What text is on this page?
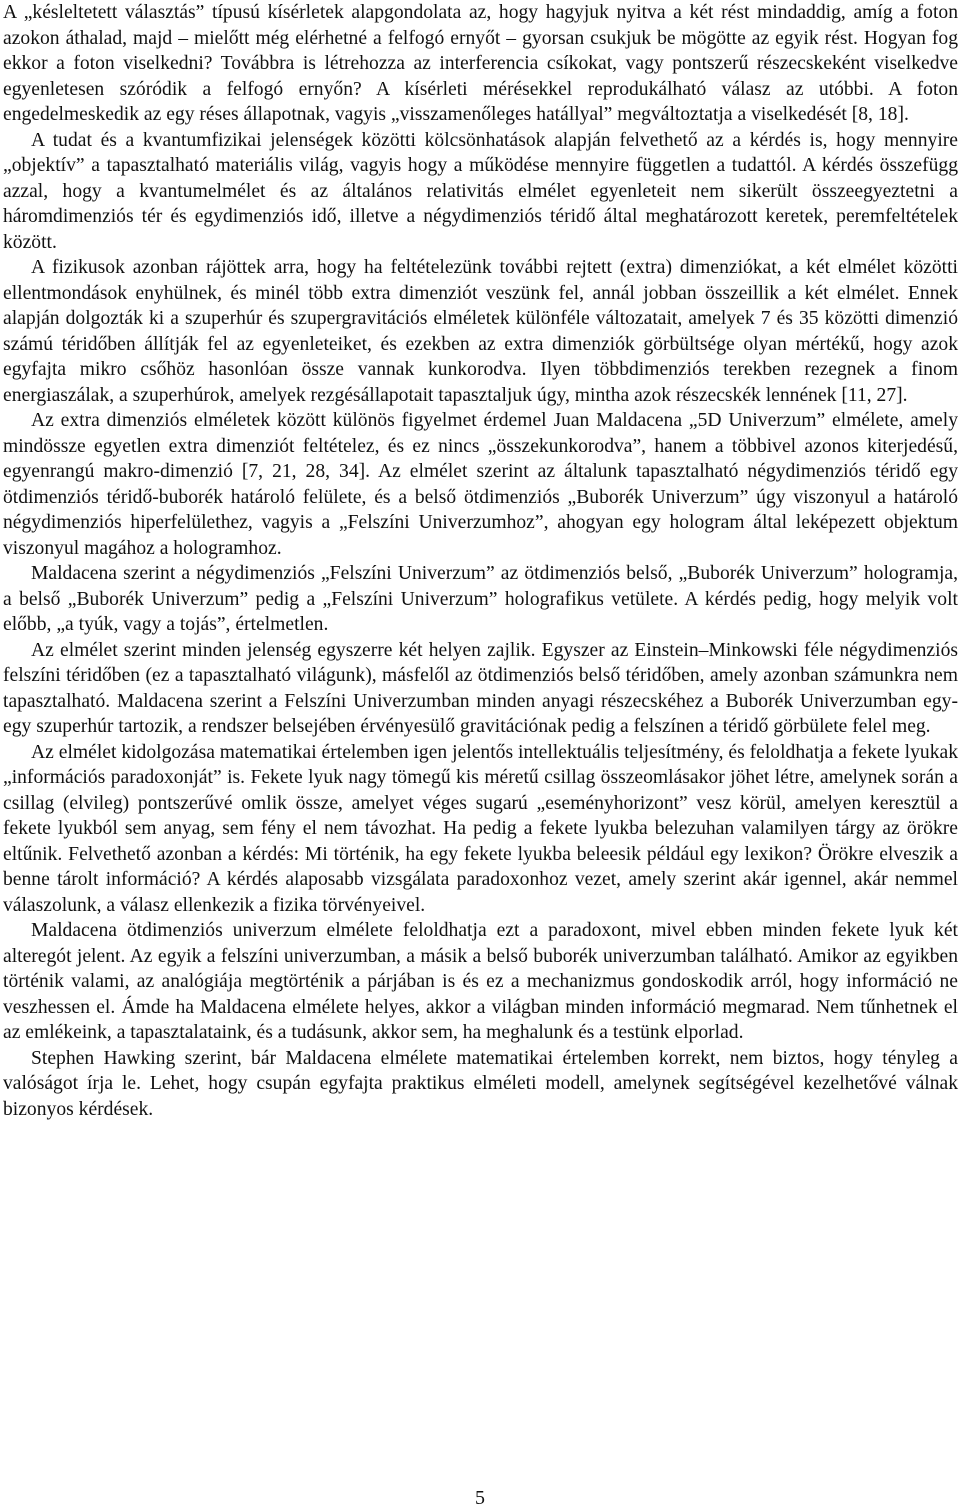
A „késleltetett választás” típusú kísérletek alapgondolata az, hogy hagyjuk nyitva a két rést mindaddig, amíg a foton azokon áthalad, majd – mielőtt még elérhetné a felfogó ernyőt – gyorsan csukjuk be mögötte az egyik rést. Hogyan fog ekkor a foton viselkedni? Továbbra is létrehozza az interferencia csíkokat, vagy pontszerű részecskeként viselkedve egyenletesen szóródik a felfogó ernyőn? A kísérleti mérésekkel reprodukálható válasz az utóbbi. A foton engedelmeskedik az egy réses állapotnak, vagyis „visszamenőleges hatállyal” megváltoztatja a viselkedését [8, 18].

A tudat és a kvantumfizikai jelenségek közötti kölcsönhatások alapján felvethető az a kérdés is, hogy mennyire „objektív” a tapasztalható materiális világ, vagyis hogy a működése mennyire független a tudattól. A kérdés összefügg azzal, hogy a kvantumelmélet és az általános relativitás elmélet egyenleteit nem sikerült összeegyeztetni a háromdimenziós tér és egydimenziós idő, illetve a négydimenziós téridő által meghatározott keretek, peremfeltételek között.

A fizikusok azonban rájöttek arra, hogy ha feltételezünk további rejtett (extra) dimenziókat, a két elmélet közötti ellentmondások enyhülnek, és minél több extra dimenziót veszünk fel, annál jobban összeillik a két elmélet. Ennek alapján dolgozták ki a szuperhúr és szupergravitációs elméletek különféle változatait, amelyek 7 és 35 közötti dimenzió számú téridőben állítják fel az egyenleteiket, és ezekben az extra dimenziók görbültsége olyan mértékű, hogy azok egyfajta mikro csőhöz hasonlóan össze vannak kunkorodva. Ilyen többdimenziós terekben rezegnek a finom energiaszálak, a szuperhúrok, amelyek rezgésállapotait tapasztaljuk úgy, mintha azok részecskék lennének [11, 27].

Az extra dimenziós elméletek között különös figyelmet érdemel Juan Maldacena „5D Univerzum” elmélete, amely mindössze egyetlen extra dimenziót feltételez, és ez nincs „összekunkorodva”, hanem a többivel azonos kiterjedésű, egyenrangú makro-dimenzió [7, 21, 28, 34]. Az elmélet szerint az általunk tapasztalható négydimenziós téridő egy ötdimenziós téridő-buborék határoló felülete, és a belső ötdimenziós „Buborék Univerzum” úgy viszonyul a határoló négydimenziós hiperfelülethez, vagyis a „Felszíni Univerzumhoz”, ahogyan egy hologram által leképezett objektum viszonyul magához a hologramhoz.

Maldacena szerint a négydimenziós „Felszíni Univerzum” az ötdimenziós belső, „Buborék Univerzum” hologramja, a belső „Buborék Univerzum” pedig a „Felszíni Univerzum” holografikus vetülete. A kérdés pedig, hogy melyik volt előbb, „a tyúk, vagy a tojás”, értelmetlen.

Az elmélet szerint minden jelenség egyszerre két helyen zajlik. Egyszer az Einstein–Minkowski féle négydimenziós felszíni téridőben (ez a tapasztalható világunk), másfelől az ötdimenziós belső téridőben, amely azonban számunkra nem tapasztalható. Maldacena szerint a Felszíni Univerzumban minden anyagi részecskéhez a Buborék Univerzumban egy-egy szuperhúr tartozik, a rendszer belsejében érvényesülő gravitációnak pedig a felszínen a téridő görbülete felel meg.

Az elmélet kidolgozása matematikai értelemben igen jelentős intellektuális teljesítmény, és feloldhatja a fekete lyukak „információs paradoxonját” is. Fekete lyuk nagy tömegű kis méretű csillag összeomlásakor jöhet létre, amelynek során a csillag (elvileg) pontszerűvé omlik össze, amelyet véges sugarú „eseményhorizont” vesz körül, amelyen keresztül a fekete lyukból sem anyag, sem fény el nem távozhat. Ha pedig a fekete lyukba belezuhan valamilyen tárgy az örökre eltűnik. Felvethető azonban a kérdés: Mi történik, ha egy fekete lyukba beleesik például egy lexikon? Örökre elveszik a benne tárolt információ? A kérdés alaposabb vizsgálata paradoxonhoz vezet, amely szerint akár igennel, akár nemmel válaszolunk, a válasz ellenkezik a fizika törvényeivel.

Maldacena ötdimenziós univerzum elmélete feloldhatja ezt a paradoxont, mivel ebben minden fekete lyuk két alteregót jelent. Az egyik a felszíni univerzumban, a másik a belső buborék univerzumban található. Amikor az egyikben történik valami, az analógiája megtörténik a párjában is és ez a mechanizmus gondoskodik arról, hogy információ ne veszhessen el. Ámde ha Maldacena elmélete helyes, akkor a világban minden információ megmarad. Nem tűnhetnek el az emlékeink, a tapasztalataink, és a tudásunk, akkor sem, ha meghalunk és a testünk elporlad.

Stephen Hawking szerint, bár Maldacena elmélete matematikai értelemben korrekt, nem biztos, hogy tényleg a valóságot írja le. Lehet, hogy csupán egyfajta praktikus elméleti modell, amelynek segítségével kezelhetővé válnak bizonyos kérdések.

5
